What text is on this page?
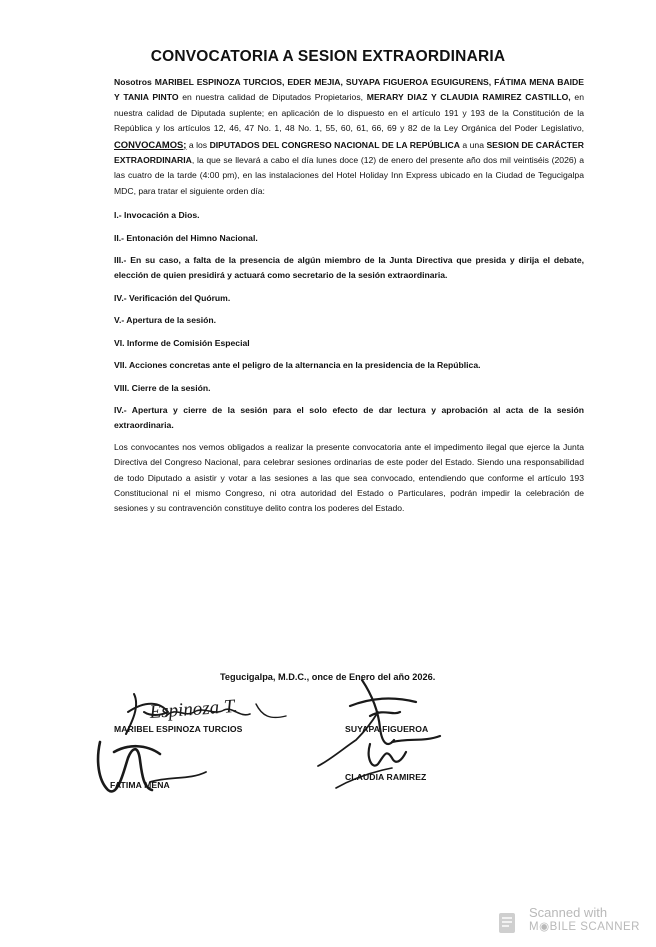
CONVOCATORIA A SESION EXTRAORDINARIA
Nosotros MARIBEL ESPINOZA TURCIOS, EDER MEJIA, SUYAPA FIGUEROA EGUIGURENS, FÁTIMA MENA BAIDE Y TANIA PINTO en nuestra calidad de Diputados Propietarios, MERARY DIAZ Y CLAUDIA RAMIREZ CASTILLO, en nuestra calidad de Diputada suplente; en aplicación de lo dispuesto en el artículo 191 y 193 de la Constitución de la República y los artículos 12, 46, 47 No. 1, 48 No. 1, 55, 60, 61, 66, 69 y 82 de la Ley Orgánica del Poder Legislativo, CONVOCAMOS; a los DIPUTADOS DEL CONGRESO NACIONAL DE LA REPÚBLICA a una SESION DE CARÁCTER EXTRAORDINARIA, la que se llevará a cabo el día lunes doce (12) de enero del presente año dos mil veintiséis (2026) a las cuatro de la tarde (4:00 pm), en las instalaciones del Hotel Holiday Inn Express ubicado en la Ciudad de Tegucigalpa MDC, para tratar el siguiente orden día:
I.- Invocación a Dios.
II.- Entonación del Himno Nacional.
III.- En su caso, a falta de la presencia de algún miembro de la Junta Directiva que presida y dirija el debate, elección de quien presidirá y actuará como secretario de la sesión extraordinaria.
IV.- Verificación del Quórum.
V.- Apertura de la sesión.
VI. Informe de Comisión Especial
VII. Acciones concretas ante el peligro de la alternancia en la presidencia de la República.
VIII. Cierre de la sesión.
IV.- Apertura y cierre de la sesión para el solo efecto de dar lectura y aprobación al acta de la sesión extraordinaria.
Los convocantes nos vemos obligados a realizar la presente convocatoria ante el impedimento ilegal que ejerce la Junta Directiva del Congreso Nacional, para celebrar sesiones ordinarias de este poder del Estado. Siendo una responsabilidad de todo Diputado a asistir y votar a las sesiones a las que sea convocado, entendiendo que conforme el artículo 193 Constitucional ni el mismo Congreso, ni otra autoridad del Estado o Particulares, podrán impedir la celebración de sesiones y su contravención constituye delito contra los poderes del Estado.
Tegucigalpa, M.D.C., once de Enero del año 2026.
Espinoza T.
MARIBEL ESPINOZA TURCIOS	SUYAPA FIGUEROA
FATIMA MENA
CLAUDIA RAMIREZ
Scanned with
M◉BILE SCANNER
